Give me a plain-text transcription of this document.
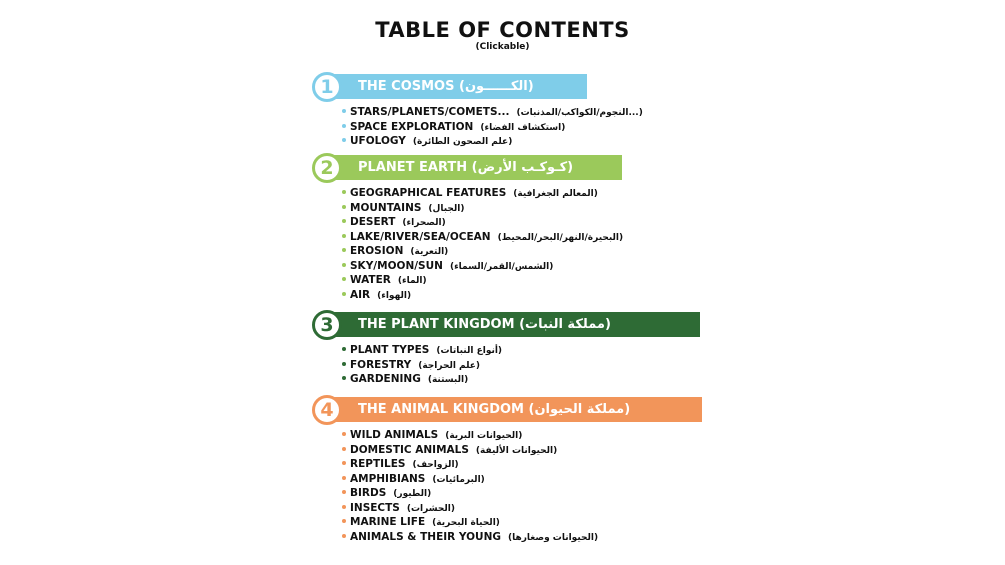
TABLE OF CONTENTS
(Clickable)
THE COSMOS (الكــــــون)
1
STARS/PLANETS/COMETS... (النجوم/الكواكب/المذنبات...)
SPACE EXPLORATION (استكشاف الفضاء)
UFOLOGY (علم الصحون الطائرة)
PLANET EARTH (كـوكـب الأرض)
2
GEOGRAPHICAL FEATURES (المعالم الجغرافية)
MOUNTAINS (الجبال)
DESERT (الصحراء)
LAKE/RIVER/SEA/OCEAN (البحيرة/النهر/البحر/المحيط)
EROSION (التعرية)
SKY/MOON/SUN (الشمس/القمر/السماء)
WATER (الماء)
AIR (الهواء)
THE PLANT KINGDOM (مملكة النبات)
3
PLANT TYPES (أنواع النباتات)
FORESTRY (علم الحراجة)
GARDENING (البستنة)
THE ANIMAL KINGDOM (مملكة الحيوان)
4
WILD ANIMALS (الحيوانات البرية)
DOMESTIC ANIMALS (الحيوانات الأليفة)
REPTILES (الزواحف)
AMPHIBIANS (البرمائيات)
BIRDS (الطيور)
INSECTS (الحشرات)
MARINE LIFE (الحياة البحرية)
ANIMALS & THEIR YOUNG (الحيوانات وصغارها)
